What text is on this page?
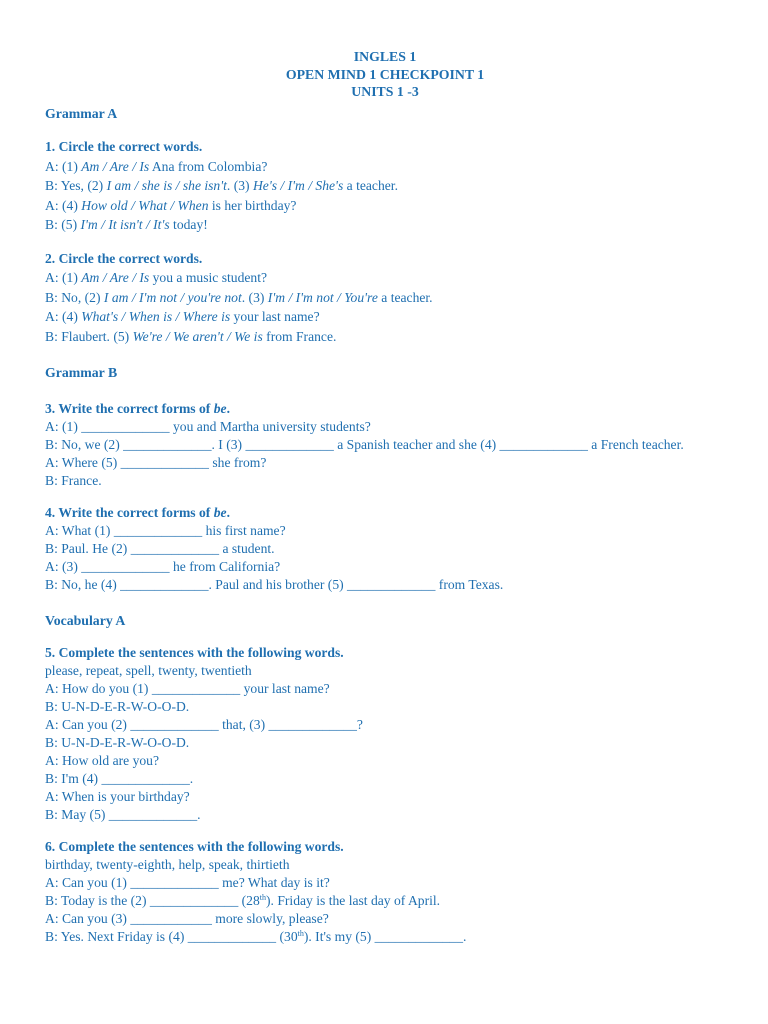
INGLES 1
OPEN MIND 1 CHECKPOINT 1
UNITS 1 -3
Grammar A
1. Circle the correct words.
A: (1) Am / Are / Is Ana from Colombia?
B: Yes, (2) I am / she is / she isn't. (3) He's / I'm / She's a teacher.
A: (4) How old / What / When is her birthday?
B: (5) I'm / It isn't / It's today!
2. Circle the correct words.
A: (1) Am / Are / Is you a music student?
B: No, (2) I am / I'm not / you're not. (3) I'm / I'm not / You're a teacher.
A: (4) What's / When is / Where is your last name?
B: Flaubert. (5) We're / We aren't / We is from France.
Grammar B
3. Write the correct forms of be.
A: (1) _____________ you and Martha university students?
B: No, we (2) _____________. I (3) _____________ a Spanish teacher and she (4) _____________ a French teacher.
A: Where (5) _____________ she from?
B: France.
4. Write the correct forms of be.
A: What (1) _____________ his first name?
B: Paul. He (2) _____________ a student.
A: (3) _____________ he from California?
B: No, he (4) _____________. Paul and his brother (5) _____________ from Texas.
Vocabulary A
5. Complete the sentences with the following words.
please, repeat, spell, twenty, twentieth
A: How do you (1) _____________ your last name?
B: U-N-D-E-R-W-O-O-D.
A: Can you (2) _____________ that, (3) _____________?
B: U-N-D-E-R-W-O-O-D.
A: How old are you?
B: I'm (4) _____________.
A: When is your birthday?
B: May (5) _____________.
6. Complete the sentences with the following words.
birthday, twenty-eighth, help, speak, thirtieth
A: Can you (1) _____________ me? What day is it?
B: Today is the (2) _____________ (28th). Friday is the last day of April.
A: Can you (3) ____________ more slowly, please?
B: Yes. Next Friday is (4) _____________ (30th). It's my (5) _____________.
